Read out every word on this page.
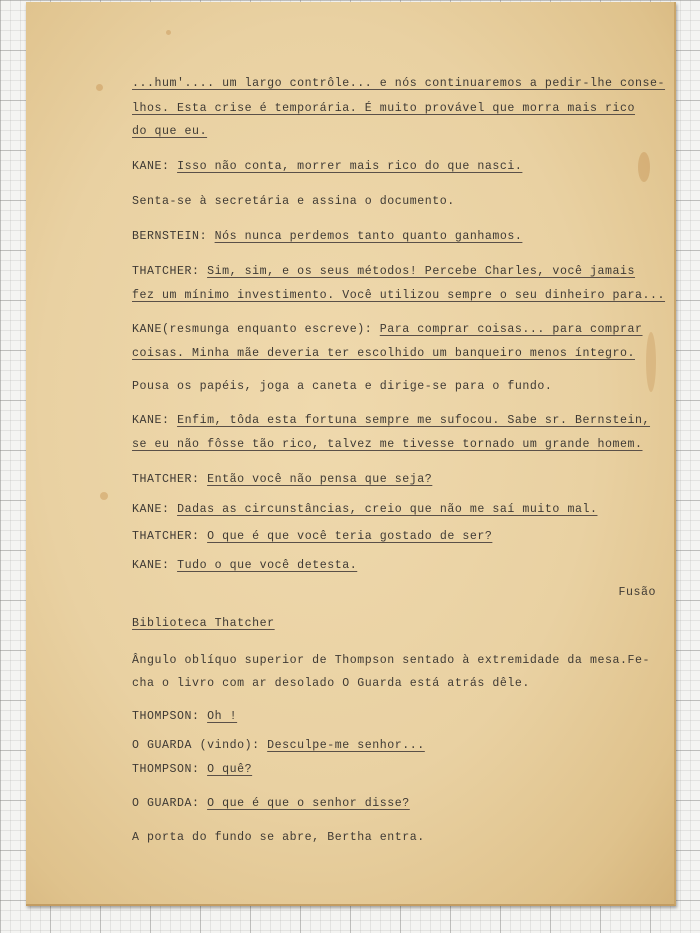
...hum'.... um largo contrôle... e nós continuaremos a pedir-lhe conse-

lhos. Esta crise é temporária. É muito provável que morra mais rico

do que eu.

KANE: Isso não conta, morrer mais rico do que nasci.

Senta-se à secretária e assina o documento.

BERNSTEIN: Nós nunca perdemos tanto quanto ganhamos.

THATCHER: Sim, sim, e os seus métodos! Percebe Charles, você jamais

fez um mínimo investimento. Você utilizou sempre o seu dinheiro para...

KANE(resmunga enquanto escreve): Para comprar coisas... para comprar

coisas. Minha mãe deveria ter escolhido um banqueiro menos íntegro.

Pousa os papéis, joga a caneta e dirige-se para o fundo.

KANE: Enfim, tôda esta fortuna sempre me sufocou. Sabe sr. Bernstein,

se eu não fôsse tão rico, talvez me tivesse tornado um grande homem.

THATCHER: Então você não pensa que seja?

KANE: Dadas as circunstâncias, creio que não me saí muito mal.

THATCHER: O que é que você teria gostado de ser?

KANE: Tudo o que você detesta.

Fusão

Biblioteca Thatcher

Ângulo oblíquo superior de Thompson sentado à extremidade da mesa.Fe-

cha o livro com ar desolado O Guarda está atrás dêle.

THOMPSON: Oh !

O GUARDA (vindo): Desculpe-me senhor...

THOMPSON: O quê?

O GUARDA: O que é que o senhor disse?

A porta do fundo se abre, Bertha entra.
